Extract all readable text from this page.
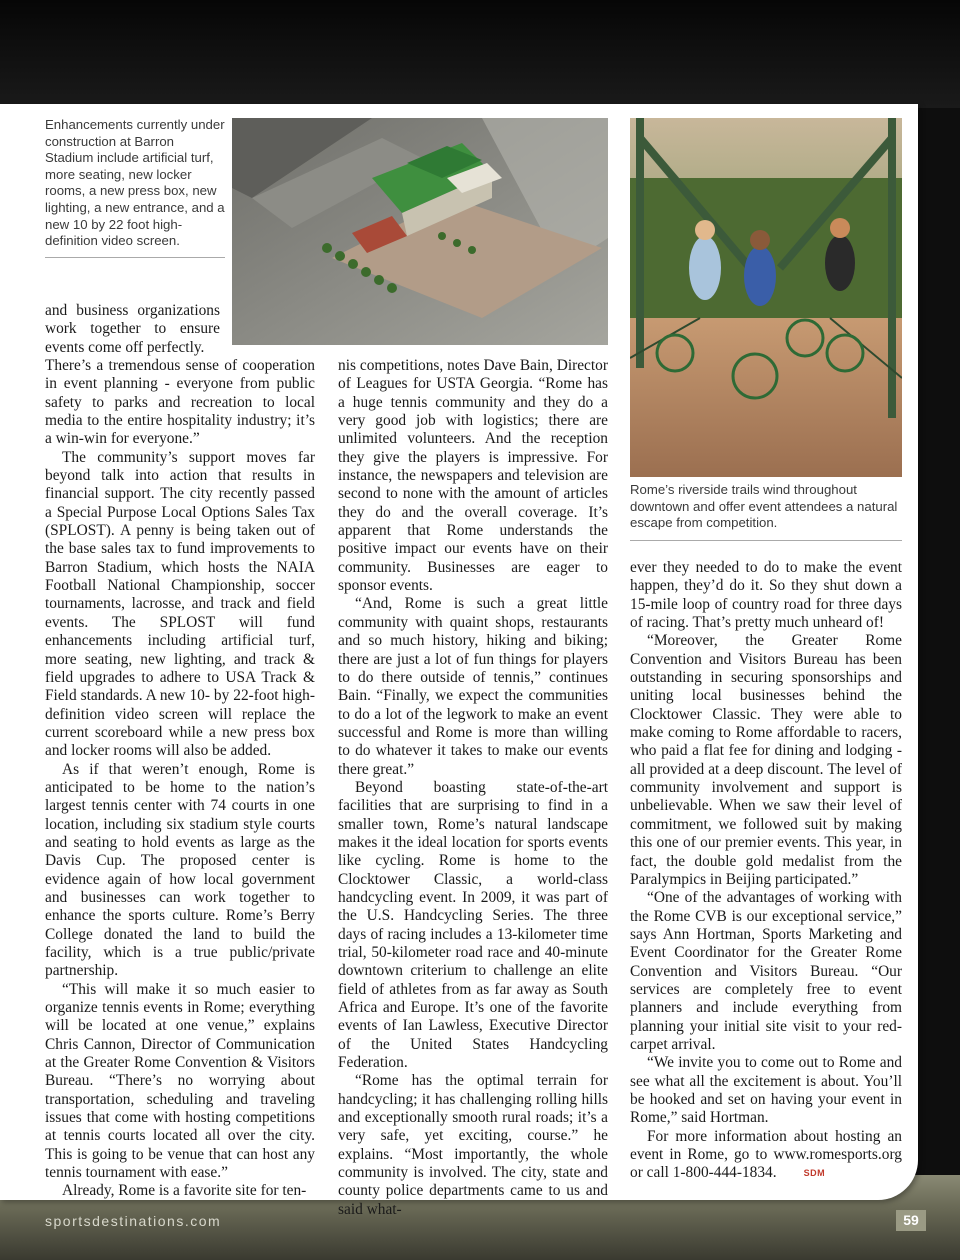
Enhancements currently under construction at Barron Stadium include artificial turf, more seating, new locker rooms, a new press box, new lighting, a new entrance, and a new 10 by 22 foot high-definition video screen.
Rome’s riverside trails wind throughout downtown and offer event attendees a natural escape from competition.

and business organizations work together to ensure events come off perfectly.

There’s a tremendous sense of cooperation in event planning - everyone from public safety to parks and recreation to local media to the entire hospitality industry; it’s a win-win for everyone.”

The community’s support moves far beyond talk into action that results in financial support. The city recently passed a Special Purpose Local Options Sales Tax (SPLOST). A penny is being taken out of the base sales tax to fund improvements to Barron Stadium, which hosts the NAIA Football National Championship, soccer tournaments, lacrosse, and track and field events. The SPLOST will fund enhancements including artificial turf, more seating, new lighting, and track & field upgrades to adhere to USA Track & Field standards. A new 10- by 22-foot high-definition video screen will replace the current scoreboard while a new press box and locker rooms will also be added.

As if that weren’t enough, Rome is anticipated to be home to the nation’s largest tennis center with 74 courts in one location, including six stadium style courts and seating to hold events as large as the Davis Cup. The proposed center is evidence again of how local government and businesses can work together to enhance the sports culture. Rome’s Berry College donated the land to build the facility, which is a true public/private partnership.

“This will make it so much easier to organize tennis events in Rome; everything will be located at one venue,” explains Chris Cannon, Director of Communication at the Greater Rome Convention & Visitors Bureau. “There’s no worrying about transportation, scheduling and traveling issues that come with hosting competitions at tennis courts located all over the city. This is going to be venue that can host any tennis tournament with ease.”

Already, Rome is a favorite site for ten-

nis competitions, notes Dave Bain, Director of Leagues for USTA Georgia. “Rome has a huge tennis community and they do a very good job with logistics; there are unlimited volunteers. And the reception they give the players is impressive. For instance, the newspapers and television are second to none with the amount of articles they do and the overall coverage. It’s apparent that Rome understands the positive impact our events have on their community. Businesses are eager to sponsor events.

“And, Rome is such a great little community with quaint shops, restaurants and so much history, hiking and biking; there are just a lot of fun things for players to do there outside of tennis,” continues Bain. “Finally, we expect the communities to do a lot of the legwork to make an event successful and Rome is more than willing to do whatever it takes to make our events there great.”

Beyond boasting state-of-the-art facilities that are surprising to find in a smaller town, Rome’s natural landscape makes it the ideal location for sports events like cycling. Rome is home to the Clocktower Classic, a world-class handcycling event. In 2009, it was part of the U.S. Handcycling Series. The three days of racing includes a 13-kilometer time trial, 50-kilometer road race and 40-minute downtown criterium to challenge an elite field of athletes from as far away as South Africa and Europe. It’s one of the favorite events of Ian Lawless, Executive Director of the United States Handcycling Federation.

“Rome has the optimal terrain for handcycling; it has challenging rolling hills and exceptionally smooth rural roads; it’s a very safe, yet exciting, course.” he explains. “Most importantly, the whole community is involved. The city, state and county police departments came to us and said what-

ever they needed to do to make the event happen, they’d do it. So they shut down a 15-mile loop of country road for three days of racing. That’s pretty much unheard of!

“Moreover, the Greater Rome Convention and Visitors Bureau has been outstanding in securing sponsorships and uniting local businesses behind the Clocktower Classic. They were able to make coming to Rome affordable to racers, who paid a flat fee for dining and lodging - all provided at a deep discount. The level of community involvement and support is unbelievable. When we saw their level of commitment, we followed suit by making this one of our premier events. This year, in fact, the double gold medalist from the Paralympics in Beijing participated.”

“One of the advantages of working with the Rome CVB is our exceptional service,” says Ann Hortman, Sports Marketing and Event Coordinator for the Greater Rome Convention and Visitors Bureau. “Our services are completely free to event planners and include everything from planning your initial site visit to your red-carpet arrival.

“We invite you to come out to Rome and see what all the excitement is about. You’ll be hooked and set on having your event in Rome,” said Hortman.

For more information about hosting an event in Rome, go to www.romesports.org or call 1-800-444-1834.	SDM

sportsdestinations.com	59
